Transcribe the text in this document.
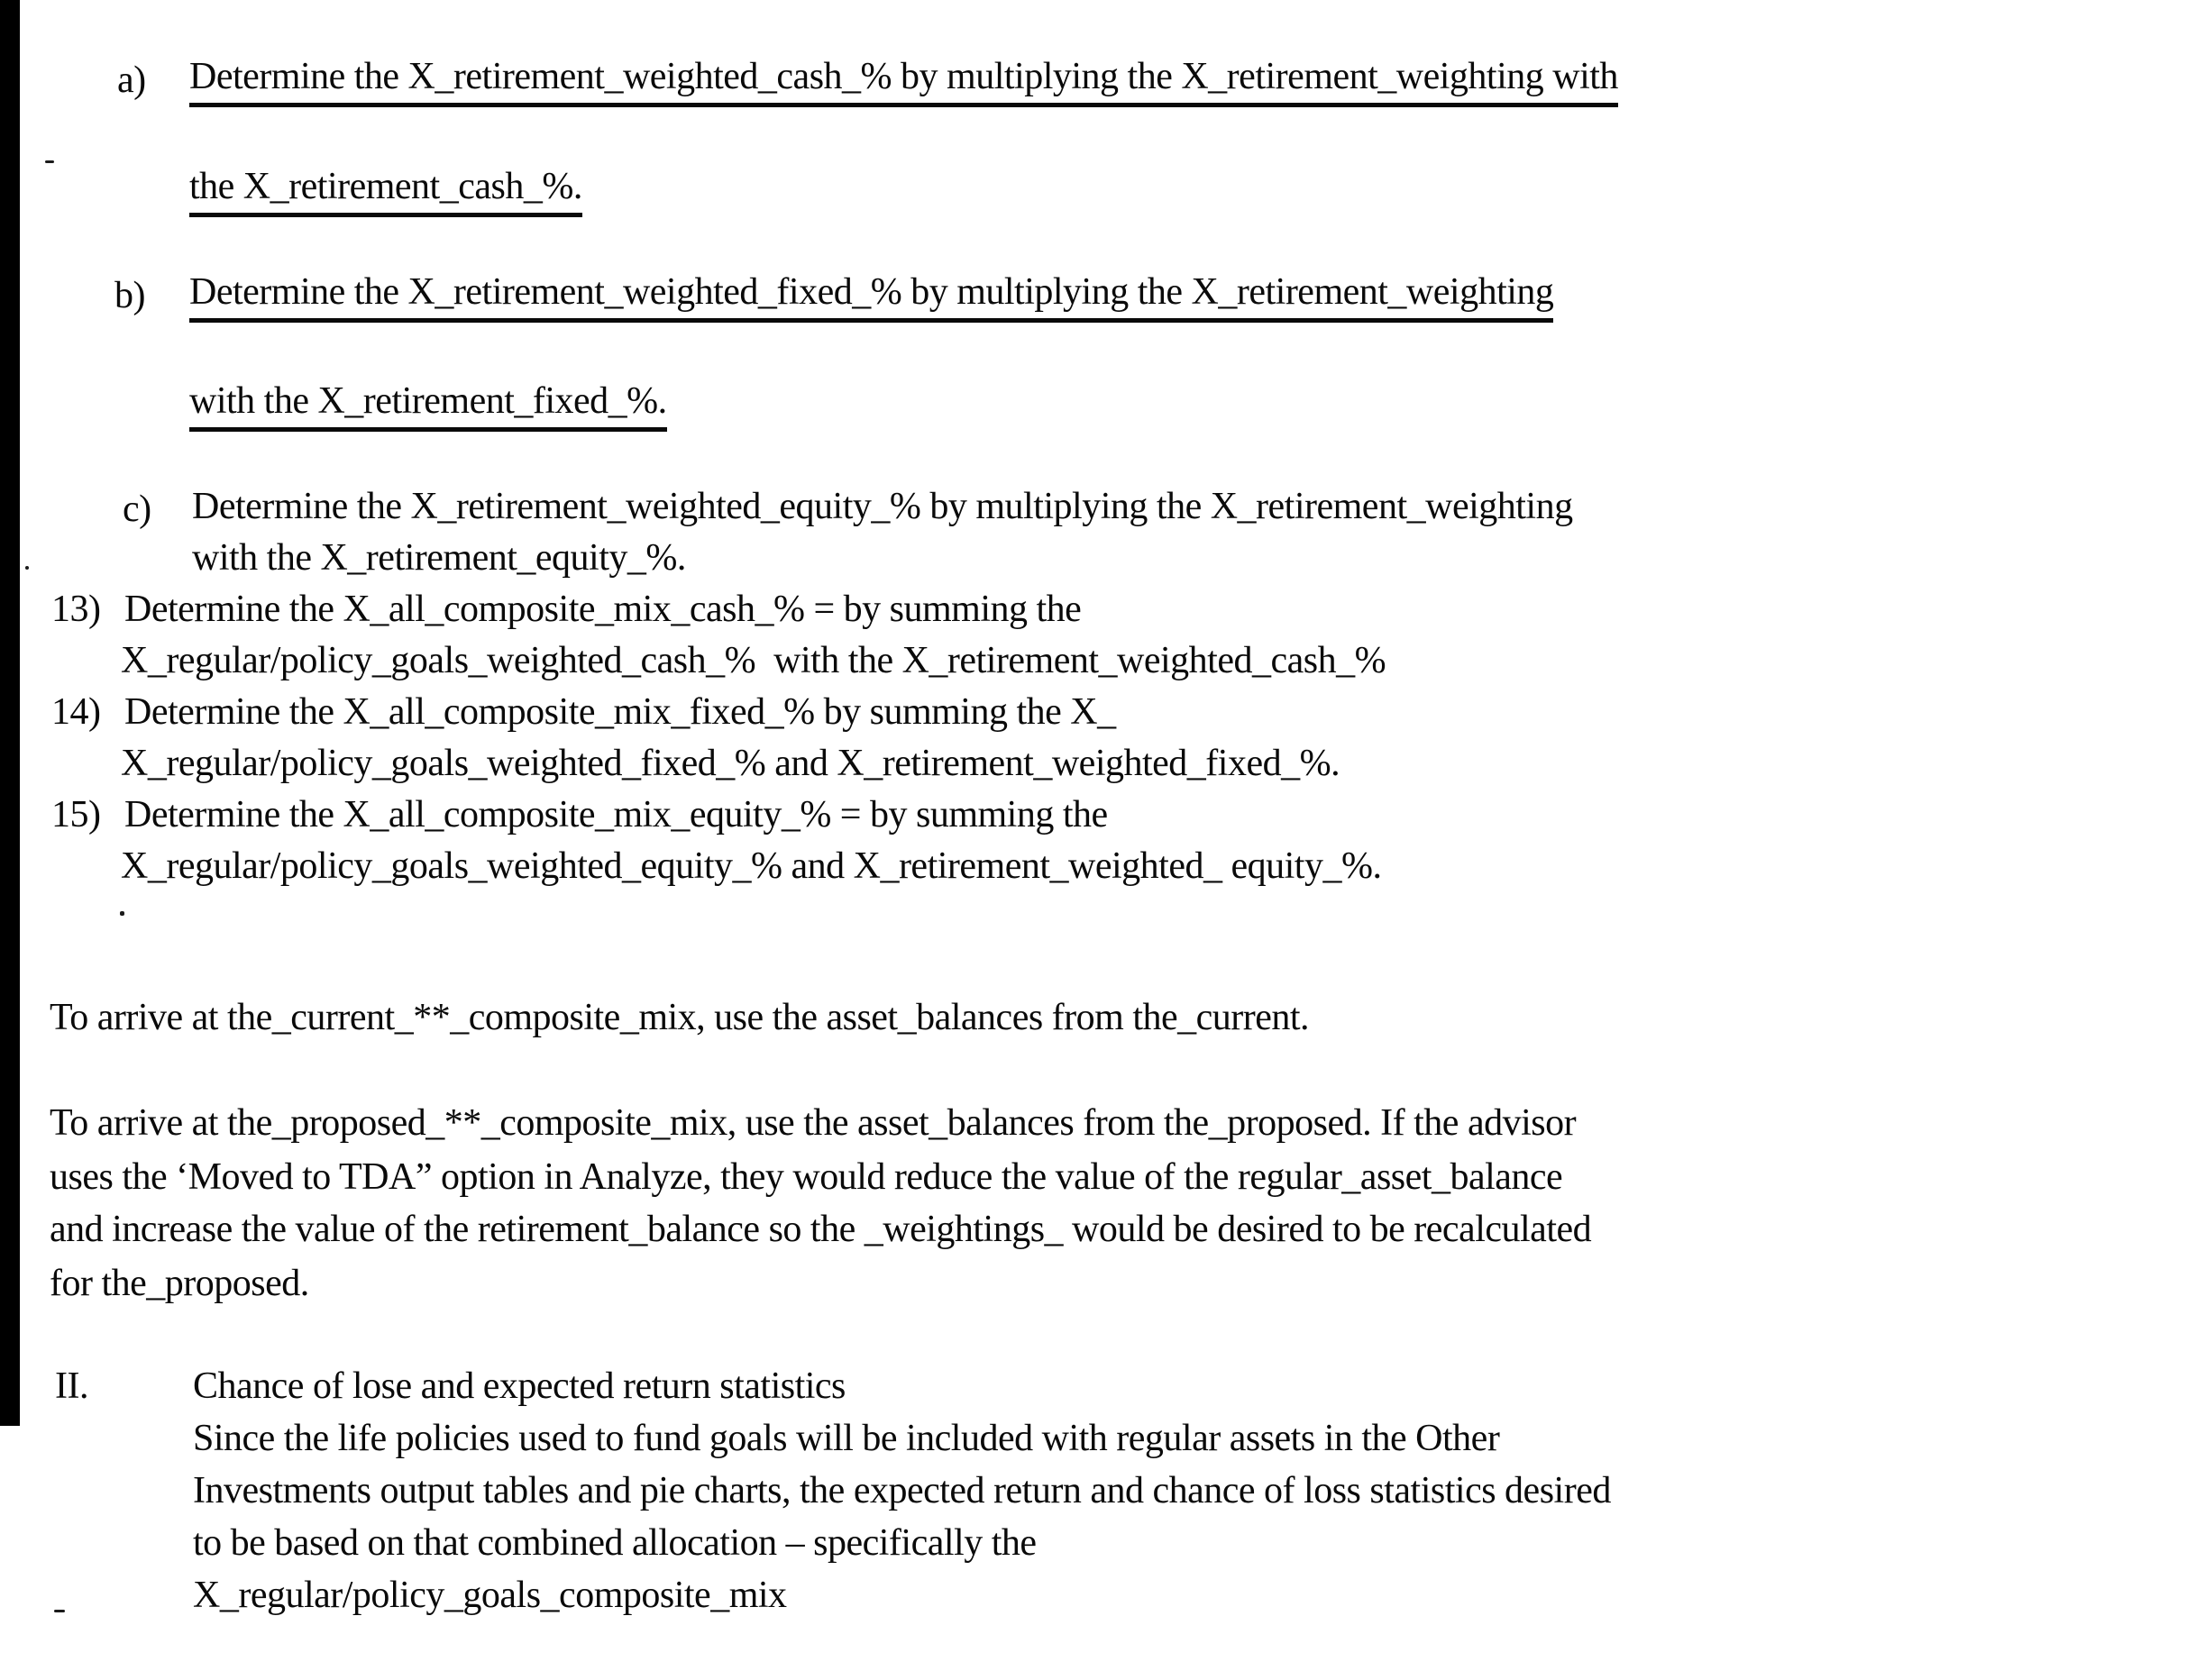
a) Determine the X_retirement_weighted_cash_% by multiplying the X_retirement_weighting with
the X_retirement_cash_%.
b) Determine the X_retirement_weighted_fixed_% by multiplying the X_retirement_weighting
with the X_retirement_fixed_%.
c) Determine the X_retirement_weighted_equity_% by multiplying the X_retirement_weighting
with the X_retirement_equity_%.
13) Determine the X_all_composite_mix_cash_% = by summing the
X_regular/policy_goals_weighted_cash_%  with the X_retirement_weighted_cash_%
14) Determine the X_all_composite_mix_fixed_% by summing the X_
X_regular/policy_goals_weighted_fixed_% and X_retirement_weighted_fixed_%.
15) Determine the X_all_composite_mix_equity_% = by summing the
X_regular/policy_goals_weighted_equity_% and X_retirement_weighted_ equity_%.
To arrive at the_current_**_composite_mix, use the asset_balances from the_current.
To arrive at the_proposed_**_composite_mix, use the asset_balances from the_proposed. If the advisor
uses the ‘Moved to TDA” option in Analyze, they would reduce the value of the regular_asset_balance
and increase the value of the retirement_balance so the _weightings_ would be desired to be recalculated
for the_proposed.
II.	Chance of lose and expected return statistics
Since the life policies used to fund goals will be included with regular assets in the Other
Investments output tables and pie charts, the expected return and chance of loss statistics desired
to be based on that combined allocation – specifically the
X_regular/policy_goals_composite_mix
